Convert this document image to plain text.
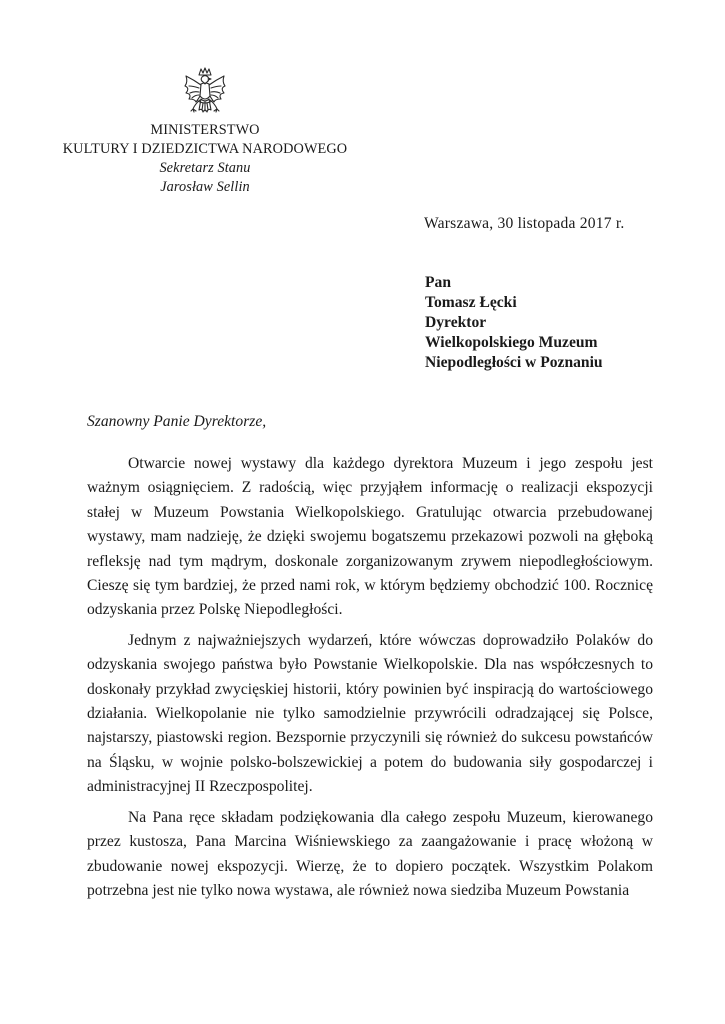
MINISTERSTWO
KULTURY I DZIEDZICTWA NARODOWEGO
Sekretarz Stanu
Jarosław Sellin
Warszawa, 30 listopada 2017 r.
Pan
Tomasz Łęcki
Dyrektor
Wielkopolskiego Muzeum
Niepodległości w Poznaniu
Szanowny Panie Dyrektorze,

Otwarcie nowej wystawy dla każdego dyrektora Muzeum i jego zespołu jest ważnym osiągnięciem. Z radością, więc przyjąłem informację o realizacji ekspozycji stałej w Muzeum Powstania Wielkopolskiego. Gratulując otwarcia przebudowanej wystawy, mam nadzieję, że dzięki swojemu bogatszemu przekazowi pozwoli na głęboką refleksję nad tym mądrym, doskonale zorganizowanym zrywem niepodległościowym. Cieszę się tym bardziej, że przed nami rok, w którym będziemy obchodzić 100. Rocznicę odzyskania przez Polskę Niepodległości.

Jednym z najważniejszych wydarzeń, które wówczas doprowadziło Polaków do odzyskania swojego państwa było Powstanie Wielkopolskie. Dla nas współczesnych to doskonały przykład zwycięskiej historii, który powinien być inspiracją do wartościowego działania. Wielkopolanie nie tylko samodzielnie przywrócili odradzającej się Polsce, najstarszy, piastowski region. Bezspornie przyczynili się również do sukcesu powstańców na Śląsku, w wojnie polsko-bolszewickiej a potem do budowania siły gospodarczej i administracyjnej II Rzeczpospolitej.

Na Pana ręce składam podziękowania dla całego zespołu Muzeum, kierowanego przez kustosza, Pana Marcina Wiśniewskiego za zaangażowanie i pracę włożoną w zbudowanie nowej ekspozycji. Wierzę, że to dopiero początek. Wszystkim Polakom potrzebna jest nie tylko nowa wystawa, ale również nowa siedziba Muzeum Powstania
